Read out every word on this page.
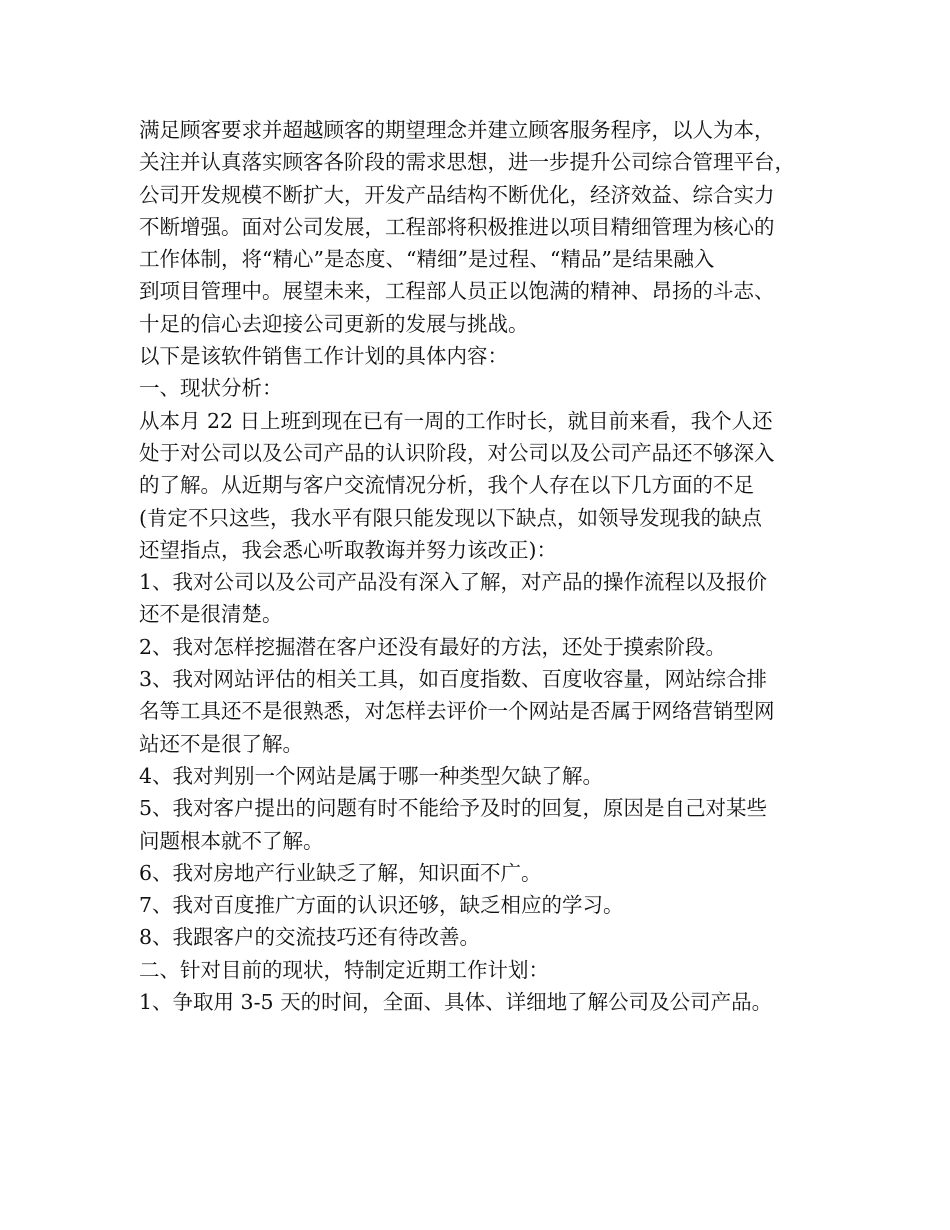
满足顾客要求并超越顾客的期望理念并建立顾客服务程序，以人为本，
关注并认真落实顾客各阶段的需求思想，进一步提升公司综合管理平台，
公司开发规模不断扩大，开发产品结构不断优化，经济效益、综合实力
不断增强。面对公司发展，工程部将积极推进以项目精细管理为核心的
工作体制，将“精心”是态度、“精细”是过程、“精品”是结果融入
到项目管理中。展望未来，工程部人员正以饱满的精神、昂扬的斗志、
十足的信心去迎接公司更新的发展与挑战。
以下是该软件销售工作计划的具体内容：
一、现状分析：
从本月 22 日上班到现在已有一周的工作时长，就目前来看，我个人还
处于对公司以及公司产品的认识阶段，对公司以及公司产品还不够深入
的了解。从近期与客户交流情况分析，我个人存在以下几方面的不足
(肯定不只这些，我水平有限只能发现以下缺点，如领导发现我的缺点
还望指点，我会悉心听取教诲并努力该改正)：
1、我对公司以及公司产品没有深入了解，对产品的操作流程以及报价
还不是很清楚。
2、我对怎样挖掘潜在客户还没有最好的方法，还处于摸索阶段。
3、我对网站评估的相关工具，如百度指数、百度收容量，网站综合排
名等工具还不是很熟悉，对怎样去评价一个网站是否属于网络营销型网
站还不是很了解。
4、我对判别一个网站是属于哪一种类型欠缺了解。
5、我对客户提出的问题有时不能给予及时的回复，原因是自己对某些
问题根本就不了解。
6、我对房地产行业缺乏了解，知识面不广。
7、我对百度推广方面的认识还够，缺乏相应的学习。
8、我跟客户的交流技巧还有待改善。
二、针对目前的现状，特制定近期工作计划：
1、争取用 3-5 天的时间，全面、具体、详细地了解公司及公司产品。
